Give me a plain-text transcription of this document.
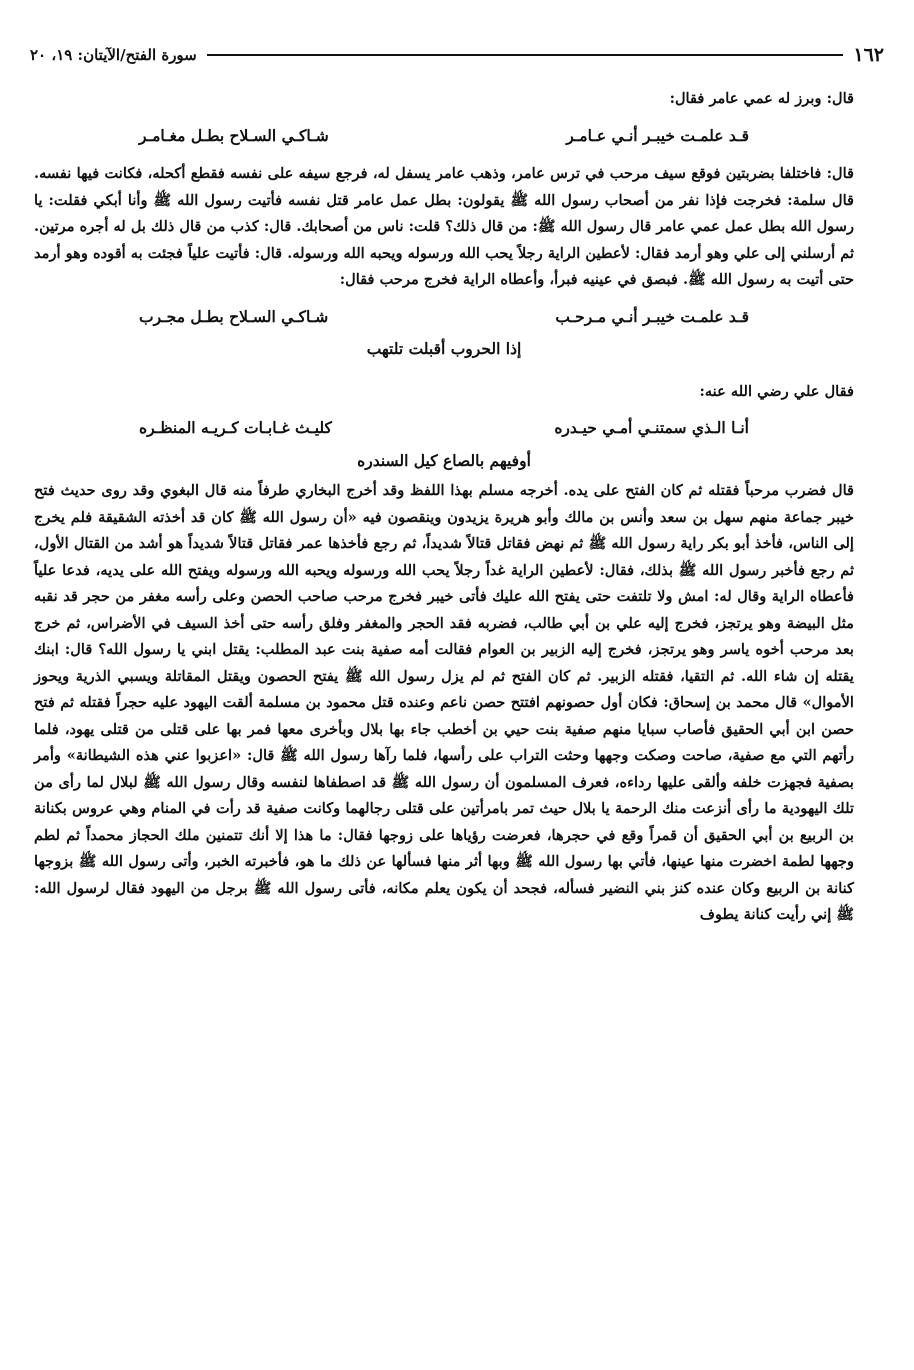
١٦٢
سورة الفتح/الآيتان: ١٩، ٢٠

قال: وبرز له عمي عامر فقال:

قـد علمـت خيبـر أنـي عـامـر
شـاكـي السـلاح بطـل مغـامـر

قال: فاختلفا بضربتين فوقع سيف مرحب في ترس عامر، وذهب عامر يسفل له، فرجع سيفه على نفسه فقطع أكحله، فكانت فيها نفسه. قال سلمة: فخرجت فإذا نفر من أصحاب رسول الله ﷺ يقولون: بطل عمل عامر قتل نفسه فأتيت رسول الله ﷺ وأنا أبكي فقلت: يا رسول الله بطل عمل عمي عامر قال رسول الله ﷺ: من قال ذلك؟ قلت: ناس من أصحابك. قال: كذب من قال ذلك بل له أجره مرتين. ثم أرسلني إلى علي وهو أرمد فقال: لأعطين الراية رجلاً يحب الله ورسوله ويحبه الله ورسوله. قال: فأتيت علياً فجئت به أقوده وهو أرمد حتى أتيت به رسول الله ﷺ. فبصق في عينيه فبرأ، وأعطاه الراية فخرج مرحب فقال:

قـد علمـت خيبـر أنـي مـرحـب
شـاكـي السـلاح بطـل مجـرب
إذا الحروب أقبلت تلتهب

فقال علي رضي الله عنه:

أنـا الـذي سمتنـي أمـي حيـدره
كليـث غـابـات كـريـه المنظـره
أوفيهم بالصاع كيل السندره

قال فضرب مرحباً فقتله ثم كان الفتح على يده. أخرجه مسلم بهذا اللفظ وقد أخرج البخاري طرفاً منه قال البغوي وقد روى حديث فتح خيبر جماعة منهم سهل بن سعد وأنس بن مالك وأبو هريرة يزيدون وينقصون فيه «أن رسول الله ﷺ كان قد أخذته الشقيقة فلم يخرج إلى الناس، فأخذ أبو بكر راية رسول الله ﷺ ثم نهض فقاتل قتالاً شديداً، ثم رجع فأخذها عمر فقاتل قتالاً شديداً هو أشد من القتال الأول، ثم رجع فأخبر رسول الله ﷺ بذلك، فقال: لأعطين الراية غداً رجلاً يحب الله ورسوله ويحبه الله ورسوله ويفتح الله على يديه، فدعا علياً فأعطاه الراية وقال له: امش ولا تلتفت حتى يفتح الله عليك فأتى خيبر فخرج مرحب صاحب الحصن وعلى رأسه مغفر من حجر قد نقبه مثل البيضة وهو يرتجز، فخرج إليه علي بن أبي طالب، فضربه فقد الحجر والمغفر وفلق رأسه حتى أخذ السيف في الأضراس، ثم خرج بعد مرحب أخوه ياسر وهو يرتجز، فخرج إليه الزبير بن العوام فقالت أمه صفية بنت عبد المطلب: يقتل ابني يا رسول الله؟ قال: ابنك يقتله إن شاء الله. ثم التقيا، فقتله الزبير. ثم كان الفتح ثم لم يزل رسول الله ﷺ يفتح الحصون ويقتل المقاتلة ويسبي الذرية ويحوز الأموال» قال محمد بن إسحاق: فكان أول حصونهم افتتح حصن ناعم وعنده قتل محمود بن مسلمة ألقت اليهود عليه حجراً فقتله ثم فتح حصن ابن أبي الحقيق فأصاب سبايا منهم صفية بنت حيي بن أخطب جاء بها بلال وبأخرى معها فمر بها على قتلى من قتلى يهود، فلما رأتهم التي مع صفية، صاحت وصكت وجهها وحثت التراب على رأسها، فلما رآها رسول الله ﷺ قال: «اعزبوا عني هذه الشيطانة» وأمر بصفية فجهزت خلفه وألقى عليها رداءه، فعرف المسلمون أن رسول الله ﷺ قد اصطفاها لنفسه وقال رسول الله ﷺ لبلال لما رأى من تلك اليهودية ما رأى أنزعت منك الرحمة يا بلال حيث تمر بامرأتين على قتلى رجالهما وكانت صفية قد رأت في المنام وهي عروس بكنانة بن الربيع بن أبي الحقيق أن قمراً وقع في حجرها، فعرضت رؤياها على زوجها فقال: ما هذا إلا أنك تتمنين ملك الحجاز محمداً ثم لطم وجهها لطمة اخضرت منها عينها، فأتي بها رسول الله ﷺ وبها أثر منها فسألها عن ذلك ما هو، فأخبرته الخبر، وأتى رسول الله ﷺ بزوجها كنانة بن الربيع وكان عنده كنز بني النضير فسأله، فجحد أن يكون يعلم مكانه، فأتى رسول الله ﷺ برجل من اليهود فقال لرسول الله: ﷺ إني رأيت كنانة يطوف
